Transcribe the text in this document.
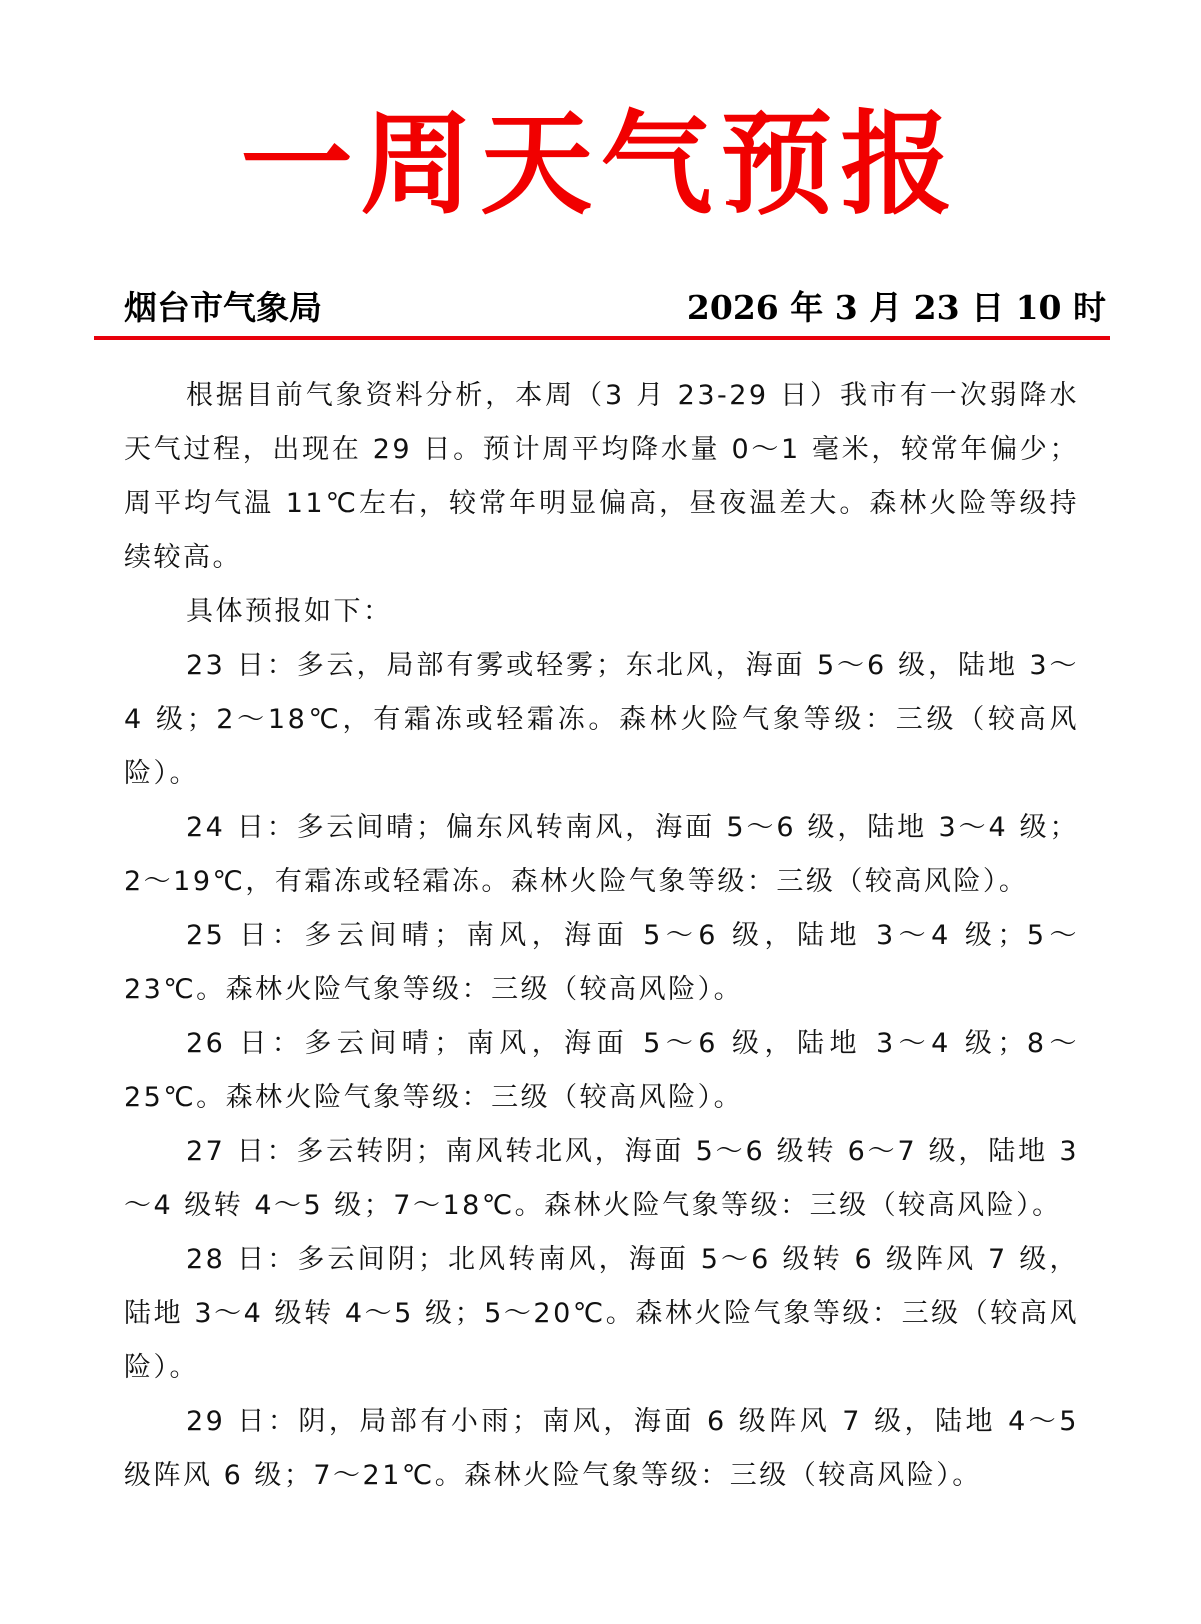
一周天气预报
烟台市气象局	2026 年 3 月 23 日 10 时

根据目前气象资料分析，本周（3 月 23-29 日）我市有一次弱降水天气过程，出现在 29 日。预计周平均降水量 0～1 毫米，较常年偏少；周平均气温 11℃左右，较常年明显偏高，昼夜温差大。森林火险等级持续较高。

具体预报如下：

23 日：多云，局部有雾或轻雾；东北风，海面 5～6 级，陆地 3～4 级；2～18℃，有霜冻或轻霜冻。森林火险气象等级：三级（较高风险）。

24 日：多云间晴；偏东风转南风，海面 5～6 级，陆地 3～4 级；2～19℃，有霜冻或轻霜冻。森林火险气象等级：三级（较高风险）。

25 日：多云间晴；南风，海面 5～6 级，陆地 3～4 级；5～23℃。森林火险气象等级：三级（较高风险）。

26 日：多云间晴；南风，海面 5～6 级，陆地 3～4 级；8～25℃。森林火险气象等级：三级（较高风险）。

27 日：多云转阴；南风转北风，海面 5～6 级转 6～7 级，陆地 3～4 级转 4～5 级；7～18℃。森林火险气象等级：三级（较高风险）。

28 日：多云间阴；北风转南风，海面 5～6 级转 6 级阵风 7 级，陆地 3～4 级转 4～5 级；5～20℃。森林火险气象等级：三级（较高风险）。

29 日：阴，局部有小雨；南风，海面 6 级阵风 7 级，陆地 4～5 级阵风 6 级；7～21℃。森林火险气象等级：三级（较高风险）。
